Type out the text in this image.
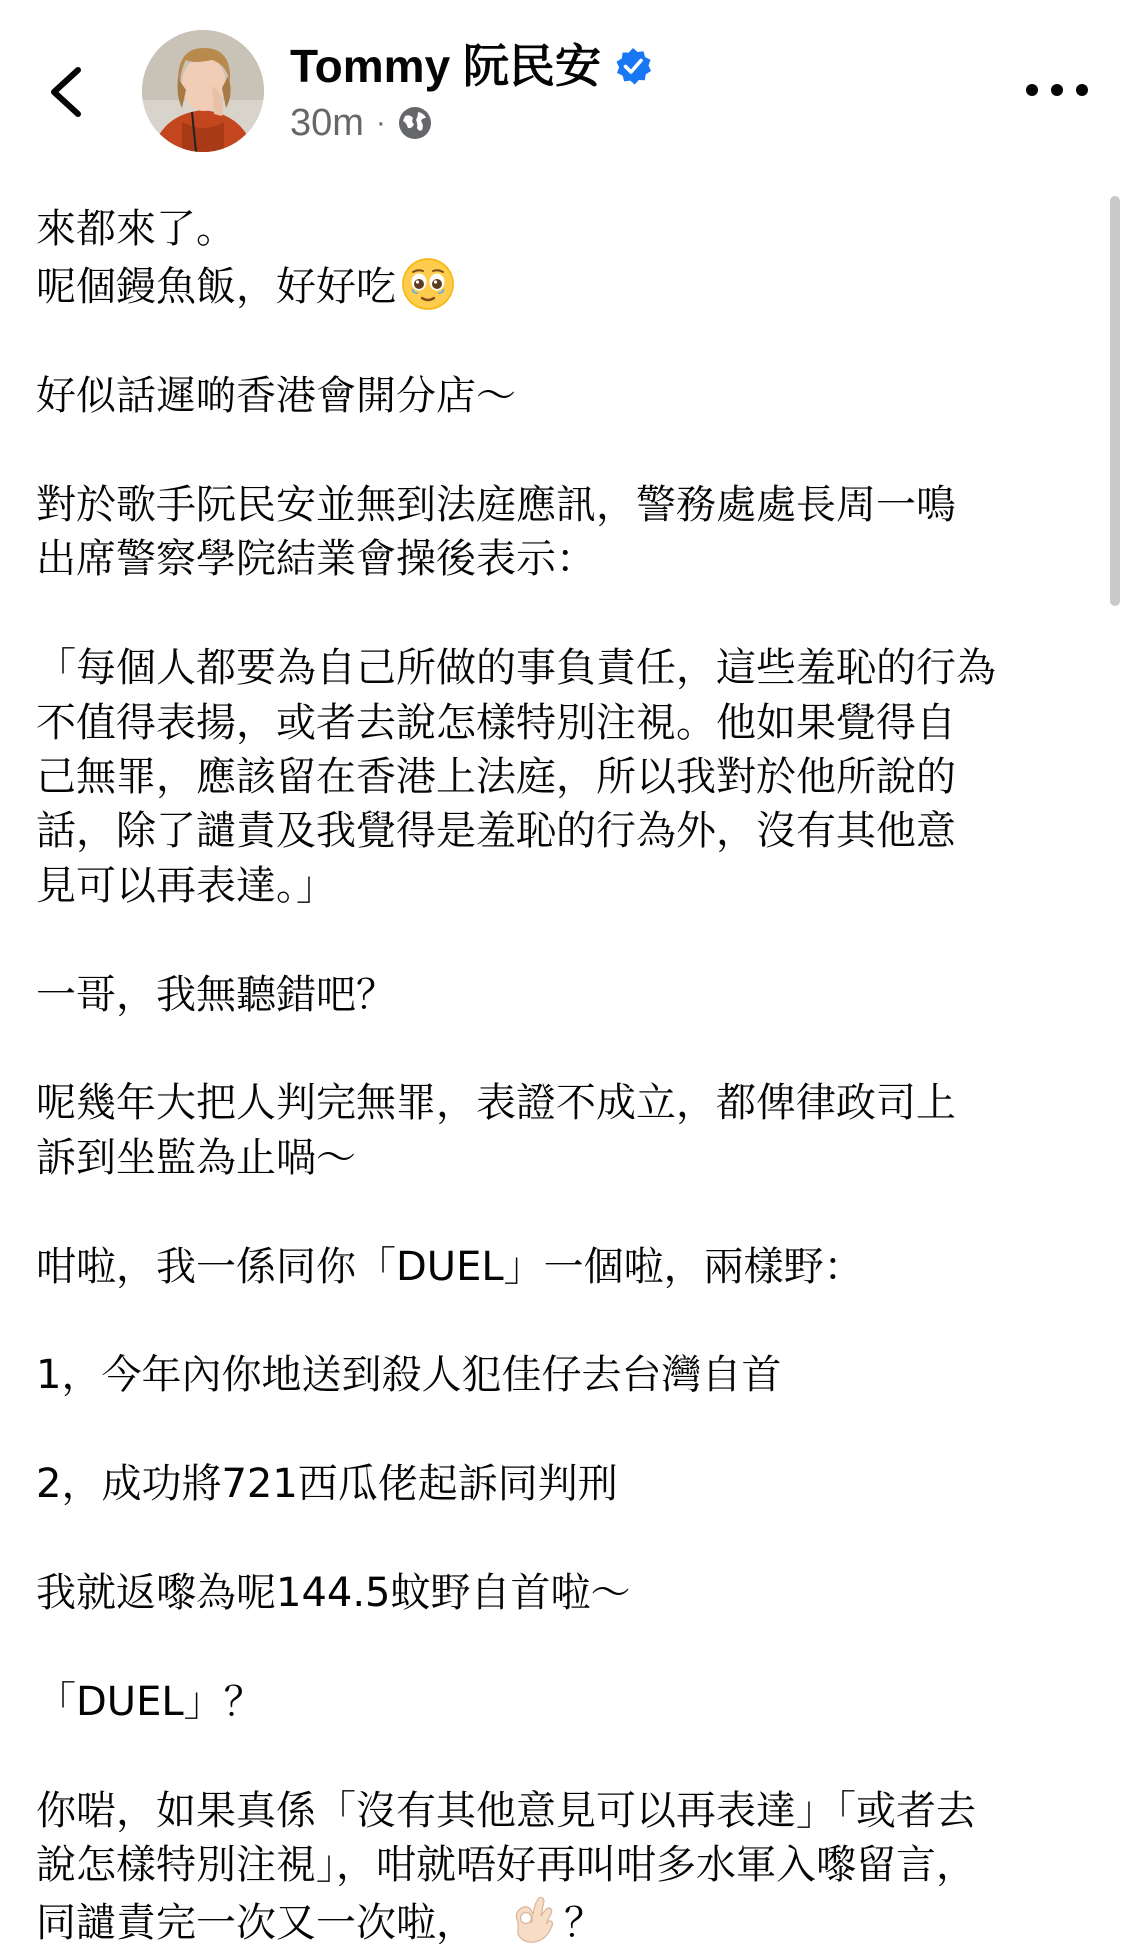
Tommy 阮民安
30m ·

來都來了。

呢個鏝魚飯，好好吃

好似話遲啲香港會開分店～

對於歌手阮民安並無到法庭應訊，警務處處長周一鳴
出席警察學院結業會操後表示：

「每個人都要為自己所做的事負責任，這些羞恥的行為
不值得表揚，或者去說怎樣特別注視。他如果覺得自
己無罪，應該留在香港上法庭，所以我對於他所說的
話，除了譴責及我覺得是羞恥的行為外，沒有其他意
見可以再表達。」

一哥，我無聽錯吧？

呢幾年大把人判完無罪，表證不成立，都俾律政司上
訴到坐監為止喎～

咁啦，我一係同你「DUEL」一個啦，兩樣野：

1，今年內你地送到殺人犯佳仔去台灣自首

2，成功將721西瓜佬起訴同判刑

我就返嚟為呢144.5蚊野自首啦～

「DUEL」？

你啱，如果真係「沒有其他意見可以再表達」「或者去
說怎樣特別注視」，咁就唔好再叫咁多水軍入嚟留言，

同譴責完一次又一次啦， ？
